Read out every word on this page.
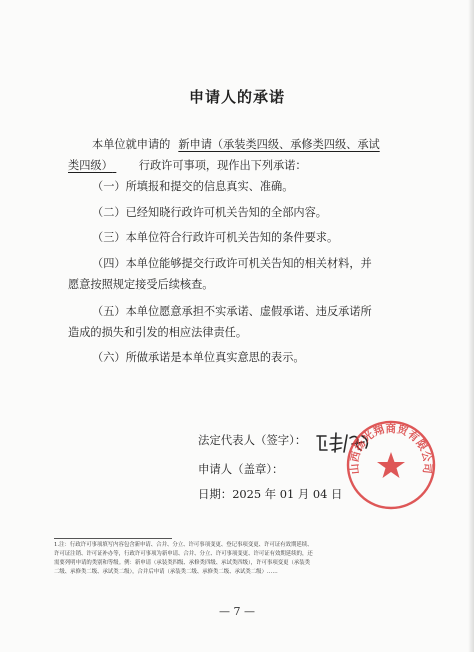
申请人的承诺
本单位就申请的 新申请（承装类四级、承修类四级、承试
类四级） 行政许可事项，现作出下列承诺：
（一）所填报和提交的信息真实、准确。
（二）已经知晓行政许可机关告知的全部内容。
（三）本单位符合行政许可机关告知的条件要求。
（四）本单位能够提交行政许可机关告知的相关材料，并
愿意按照规定接受后续核查。
（五）本单位愿意承担不实承诺、虚假承诺、违反承诺所
造成的损失和引发的相应法律责任。
（六）所做承诺是本单位真实意思的表示。
法定代表人（签字）：
申请人（盖章）：
日期：2025 年 01 月 04 日
山西扬光翔商贸有限公司
1.注：行政许可事项填写内容包含新申请、合并、分立、许可事项变更、登记事项变更、许可证有效期延续、
许可证注销、许可证补办等，行政许可事项为新申请、合并、分立、许可事项变更、许可证有效期延续的，还
需要列明申请的类别和等级。例：新申请（承装类四级、承修类四级、承试类四级），许可事项变更（承装类
二级、承修类二级、承试类二级），合并后申请（承装类二级、承修类二级、承试类二级）……
— 7 —
